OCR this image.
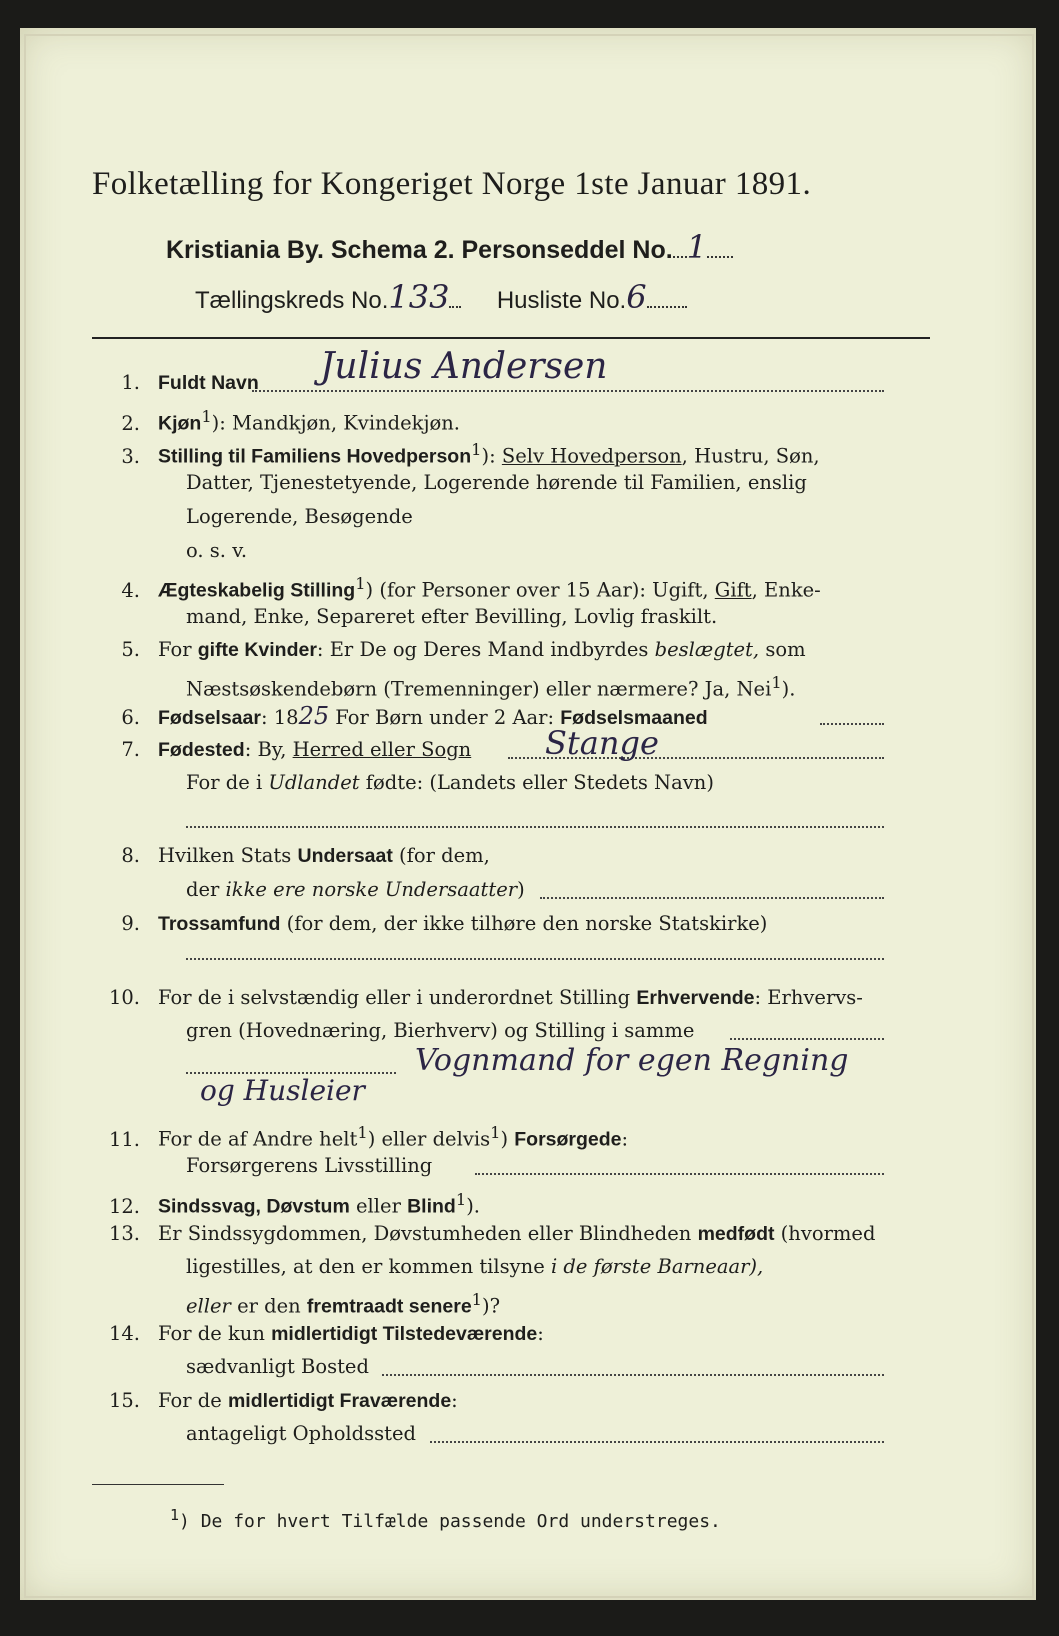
Folketælling for Kongeriget Norge 1ste Januar 1891.
Kristiania By. Schema 2. Personseddel No. 1
Tællingskreds No.133 Husliste No.6
1. Fuldt Navn Julius Andersen
2. Kjøn$^1$): Mandkjøn, Kvindekjøn.
3. Stilling til Familiens Hovedperson$^1$): Selv Hovedperson, Hustru, Søn,
Datter, Tjenestetyende, Logerende hørende til Familien, enslig
Logerende, Besøgende
o. s. v.
4. Ægteskabelig Stilling$^1$) (for Personer over 15 Aar): Ugift, Gift, Enke-
mand, Enke, Separeret efter Bevilling, Lovlig fraskilt.
5. For gifte Kvinder: Er De og Deres Mand indbyrdes beslægtet, som
Næstsøskendebørn (Tremenninger) eller nærmere? Ja, Nei$^1$).
6. Fødselsaar: 1825 For Børn under 2 Aar: Fødselsmaaned
7. Fødested: By, Herred eller Sogn Stange
For de i Udlandet fødte: (Landets eller Stedets Navn)
8. Hvilken Stats Undersaat (for dem,
der ikke ere norske Undersaatter)
9. Trossamfund (for dem, der ikke tilhøre den norske Statskirke)
10. For de i selvstændig eller i underordnet Stilling Erhvervende: Erhvervs-
gren (Hovednæring, Bierhverv) og Stilling i samme
Vognmand for egen Regning
og Husleier
11. For de af Andre helt$^1$) eller delvis$^1$) Forsørgede:
Forsørgerens Livsstilling
12. Sindssvag, Døvstum eller Blind$^1$).
13. Er Sindssygdommen, Døvstumheden eller Blindheden medfødt (hvormed
ligestilles, at den er kommen tilsyne i de første Barneaar),
eller er den fremtraadt senere$^1$)?
14. For de kun midlertidigt Tilstedeværende:
sædvanligt Bosted
15. For de midlertidigt Fraværende:
antageligt Opholdssted
$^1$) De for hvert Tilfælde passende Ord understreges.
